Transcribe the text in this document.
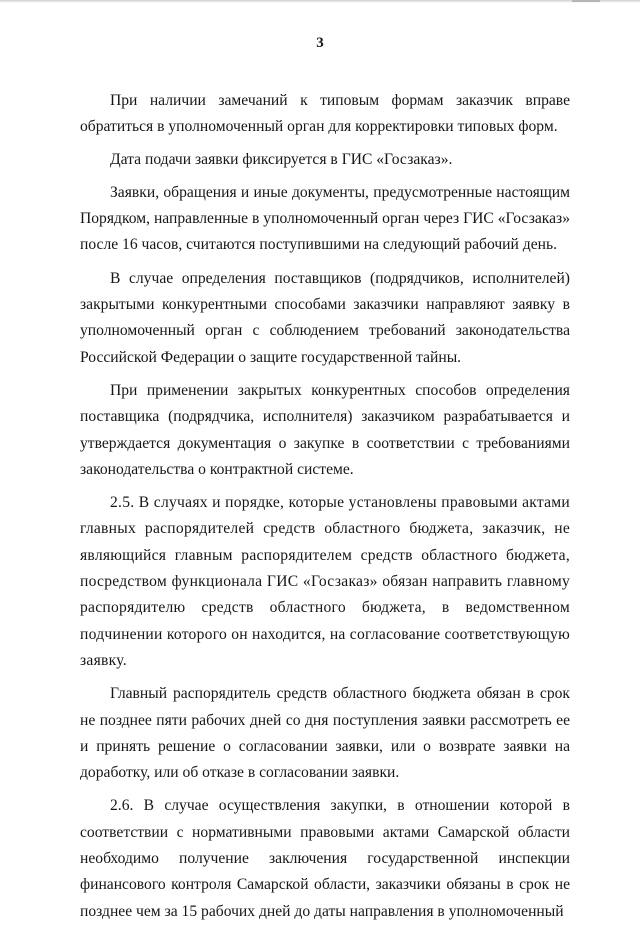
3

При наличии замечаний к типовым формам заказчик вправе обратиться в уполномоченный орган для корректировки типовых форм.

Дата подачи заявки фиксируется в ГИС «Госзаказ».

Заявки, обращения и иные документы, предусмотренные настоящим Порядком, направленные в уполномоченный орган через ГИС «Госзаказ» после 16 часов, считаются поступившими на следующий рабочий день.

В случае определения поставщиков (подрядчиков, исполнителей) закрытыми конкурентными способами заказчики направляют заявку в уполномоченный орган с соблюдением требований законодательства Российской Федерации о защите государственной тайны.

При применении закрытых конкурентных способов определения поставщика (подрядчика, исполнителя) заказчиком разрабатывается и утверждается документация о закупке в соответствии с требованиями законодательства о контрактной системе.

2.5. В случаях и порядке, которые установлены правовыми актами главных распорядителей средств областного бюджета, заказчик, не являющийся главным распорядителем средств областного бюджета, посредством функционала ГИС «Госзаказ» обязан направить главному распорядителю средств областного бюджета, в ведомственном подчинении которого он находится, на согласование соответствующую заявку.

Главный распорядитель средств областного бюджета обязан в срок не позднее пяти рабочих дней со дня поступления заявки рассмотреть ее и принять решение о согласовании заявки, или о возврате заявки на доработку, или об отказе в согласовании заявки.

2.6. В случае осуществления закупки, в отношении которой в соответствии с нормативными правовыми актами Самарской области необходимо получение заключения государственной инспекции финансового контроля Самарской области, заказчики обязаны в срок не позднее чем за 15 рабочих дней до даты направления в уполномоченный
